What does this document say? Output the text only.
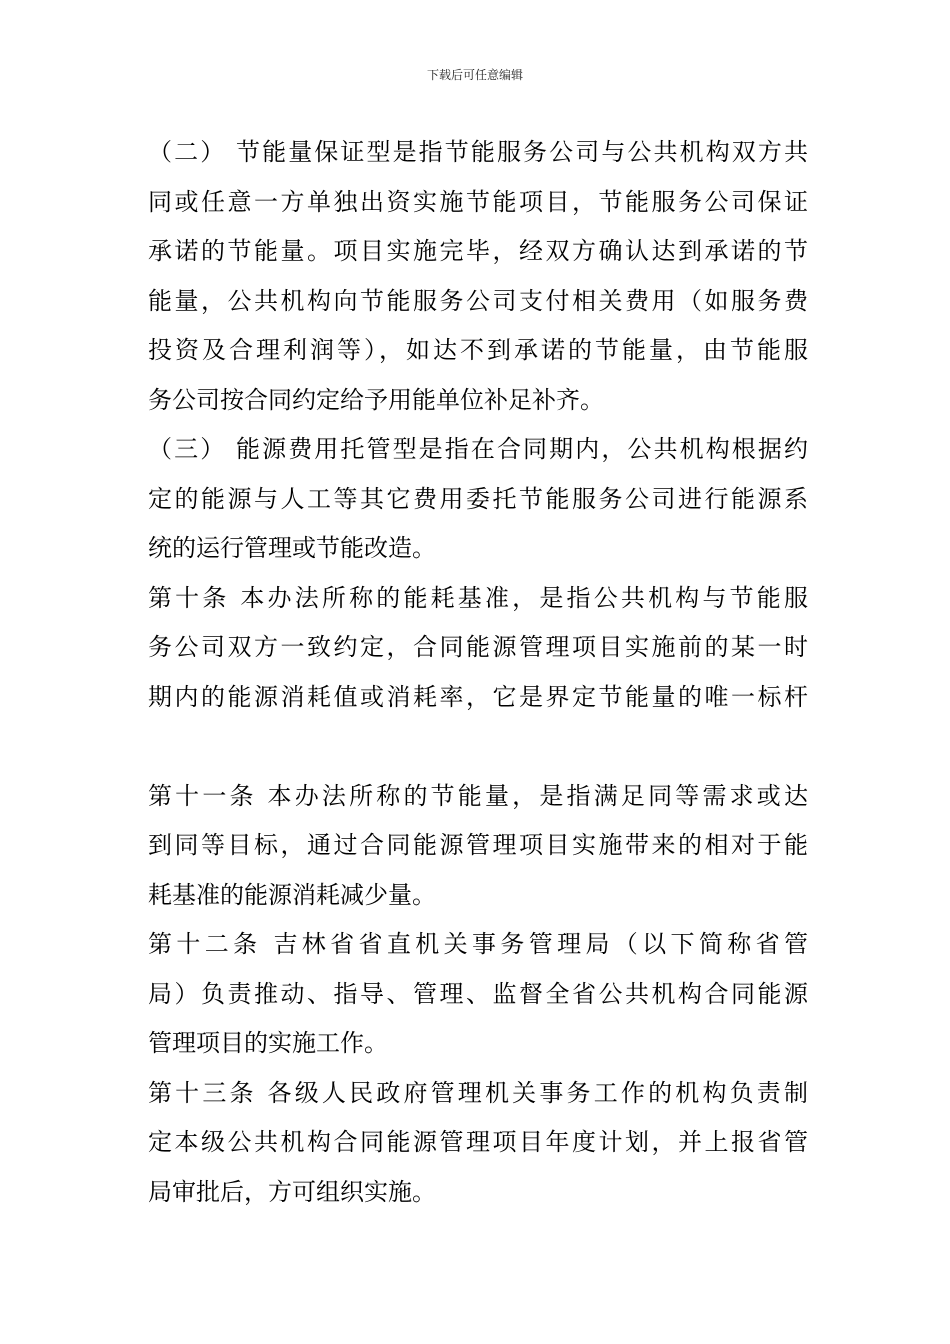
下载后可任意编辑
（二） 节能量保证型是指节能服务公司与公共机构双方共
同或任意一方单独出资实施节能项目，节能服务公司保证
承诺的节能量。项目实施完毕，经双方确认达到承诺的节
能量，公共机构向节能服务公司支付相关费用（如服务费
投资及合理利润等），如达不到承诺的节能量，由节能服
务公司按合同约定给予用能单位补足补齐。
（三） 能源费用托管型是指在合同期内，公共机构根据约
定的能源与人工等其它费用委托节能服务公司进行能源系
统的运行管理或节能改造。
第十条 本办法所称的能耗基准，是指公共机构与节能服
务公司双方一致约定，合同能源管理项目实施前的某一时
期内的能源消耗值或消耗率，它是界定节能量的唯一标杆
第十一条 本办法所称的节能量，是指满足同等需求或达
到同等目标，通过合同能源管理项目实施带来的相对于能
耗基准的能源消耗减少量。
第十二条 吉林省省直机关事务管理局（以下简称省管
局）负责推动、指导、管理、监督全省公共机构合同能源
管理项目的实施工作。
第十三条 各级人民政府管理机关事务工作的机构负责制
定本级公共机构合同能源管理项目年度计划，并上报省管
局审批后，方可组织实施。
